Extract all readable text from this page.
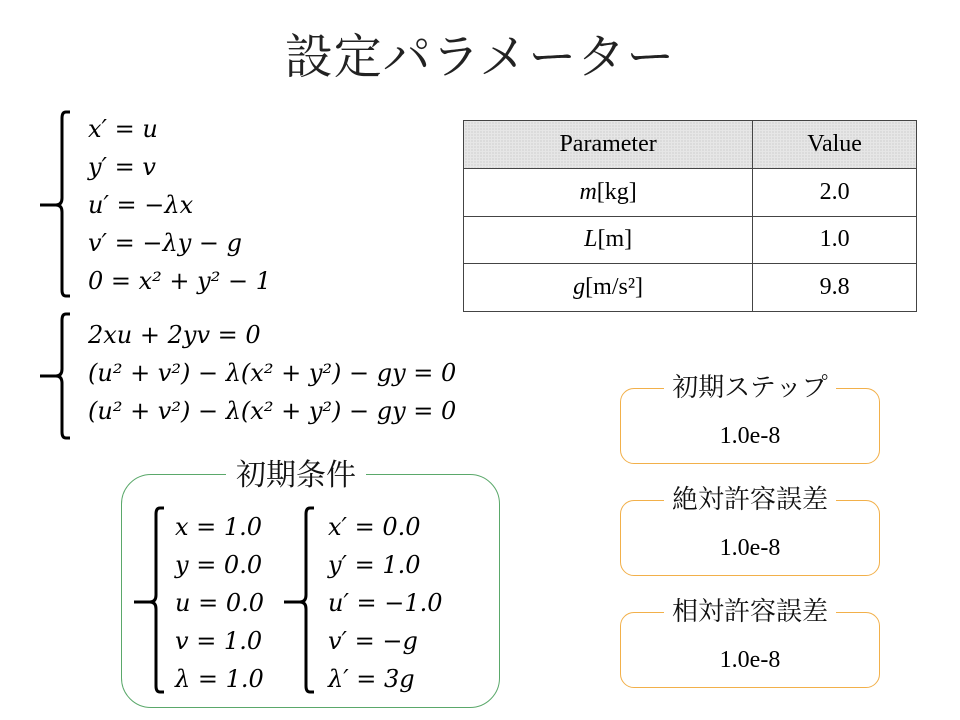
設定パラメーター
x′ = u
y′ = v
u′ = −λx
v′ = −λy − g
0 = x² + y² − 1
2xu + 2yv = 0
(u² + v²) − λ(x² + y²) − gy = 0
(u² + v²) − λ(x² + y²) − gy = 0
Parameter	Value
m[kg]	2.0
L[m]	1.0
g[m/s²]	9.8
初期ステップ
1.0e-8
絶対許容誤差
1.0e-8
相対許容誤差
1.0e-8
初期条件
x = 1.0
y = 0.0
u = 0.0
v = 1.0
λ = 1.0
x′ = 0.0
y′ = 1.0
u′ = −1.0
v′ = −g
λ′ = 3g
